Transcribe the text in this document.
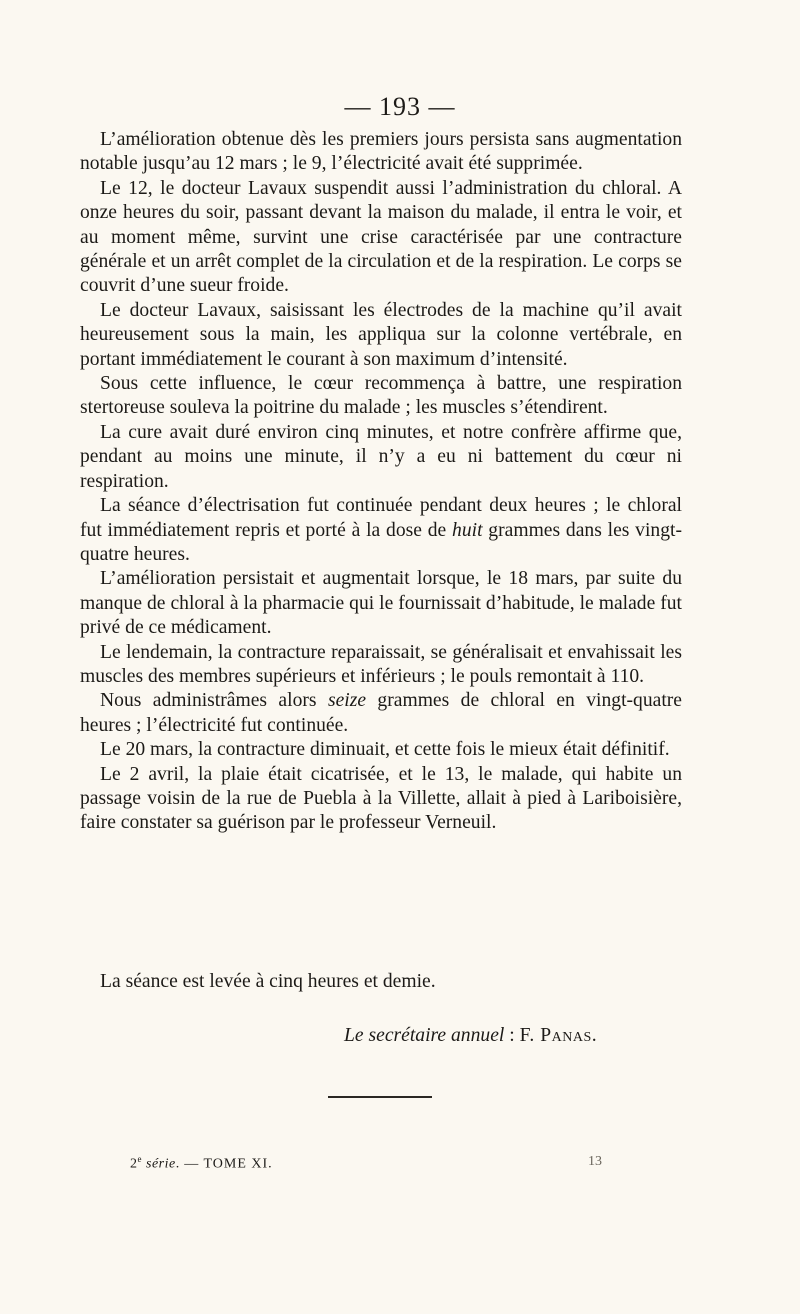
— 193 —

L’amélioration obtenue dès les premiers jours persista sans augmentation notable jusqu’au 12 mars ; le 9, l’électricité avait été supprimée.

Le 12, le docteur Lavaux suspendit aussi l’administration du chloral. A onze heures du soir, passant devant la maison du malade, il entra le voir, et au moment même, survint une crise caractérisée par une contracture générale et un arrêt complet de la circulation et de la respiration. Le corps se couvrit d’une sueur froide.

Le docteur Lavaux, saisissant les électrodes de la machine qu’il avait heureusement sous la main, les appliqua sur la colonne vertébrale, en portant immédiatement le courant à son maximum d’intensité.

Sous cette influence, le cœur recommença à battre, une respiration stertoreuse souleva la poitrine du malade ; les muscles s’étendirent.

La cure avait duré environ cinq minutes, et notre confrère affirme que, pendant au moins une minute, il n’y a eu ni battement du cœur ni respiration.

La séance d’électrisation fut continuée pendant deux heures ; le chloral fut immédiatement repris et porté à la dose de huit grammes dans les vingt-quatre heures.

L’amélioration persistait et augmentait lorsque, le 18 mars, par suite du manque de chloral à la pharmacie qui le fournissait d’habitude, le malade fut privé de ce médicament.

Le lendemain, la contracture reparaissait, se généralisait et envahissait les muscles des membres supérieurs et inférieurs ; le pouls remontait à 110.

Nous administrâmes alors seize grammes de chloral en vingt-quatre heures ; l’électricité fut continuée.

Le 20 mars, la contracture diminuait, et cette fois le mieux était définitif.

Le 2 avril, la plaie était cicatrisée, et le 13, le malade, qui habite un passage voisin de la rue de Puebla à la Villette, allait à pied à Lariboisière, faire constater sa guérison par le professeur Verneuil.

La séance est levée à cinq heures et demie.
Le secrétaire annuel : F. Panas.
2e série. — TOME XI.	13
